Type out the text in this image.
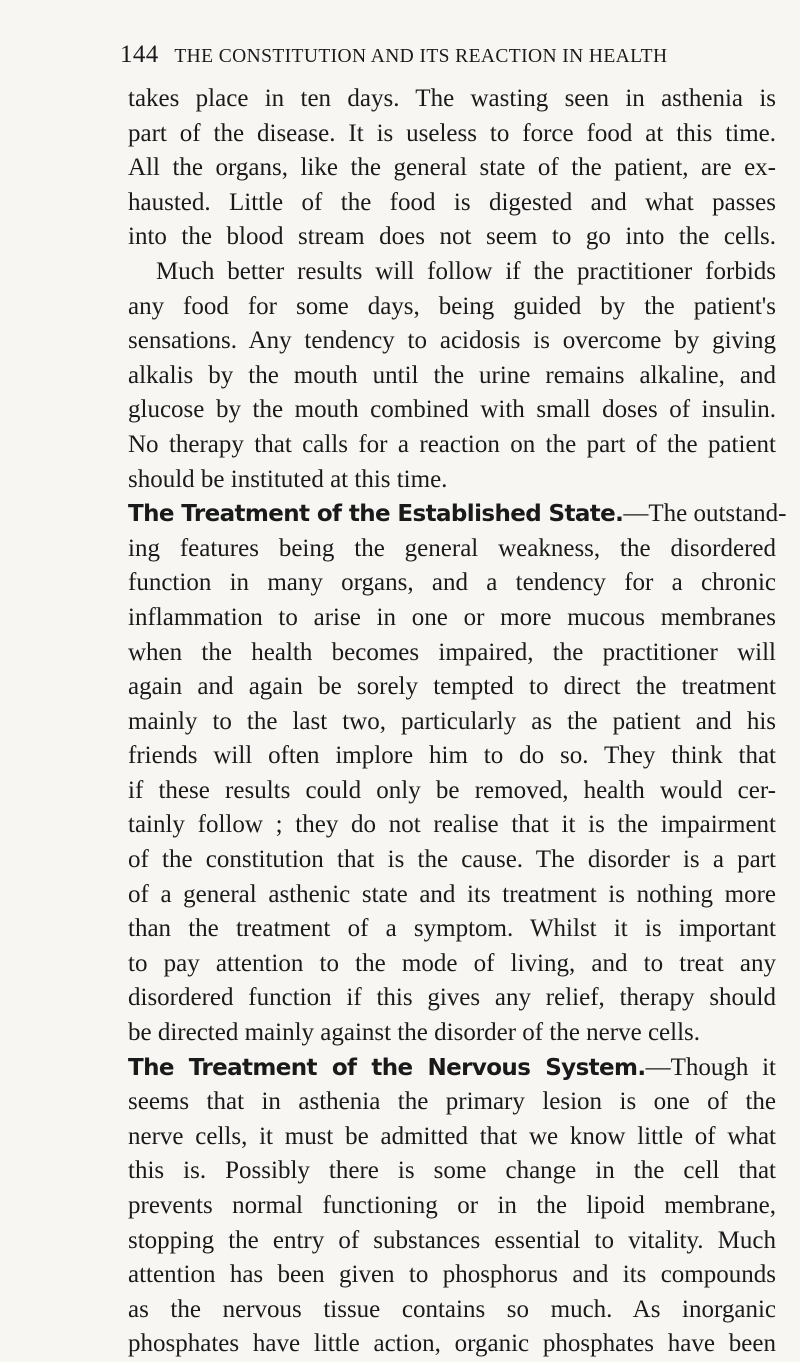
144 THE CONSTITUTION AND ITS REACTION IN HEALTH
takes place in ten days. The wasting seen in asthenia is
part of the disease. It is useless to force food at this time.
All the organs, like the general state of the patient, are ex-
hausted. Little of the food is digested and what passes
into the blood stream does not seem to go into the cells.
Much better results will follow if the practitioner forbids
any food for some days, being guided by the patient's
sensations. Any tendency to acidosis is overcome by giving
alkalis by the mouth until the urine remains alkaline, and
glucose by the mouth combined with small doses of insulin.
No therapy that calls for a reaction on the part of the patient
should be instituted at this time.
The Treatment of the Established State.—The outstand-
ing features being the general weakness, the disordered
function in many organs, and a tendency for a chronic
inflammation to arise in one or more mucous membranes
when the health becomes impaired, the practitioner will
again and again be sorely tempted to direct the treatment
mainly to the last two, particularly as the patient and his
friends will often implore him to do so. They think that
if these results could only be removed, health would cer-
tainly follow ; they do not realise that it is the impairment
of the constitution that is the cause. The disorder is a part
of a general asthenic state and its treatment is nothing more
than the treatment of a symptom. Whilst it is important
to pay attention to the mode of living, and to treat any
disordered function if this gives any relief, therapy should
be directed mainly against the disorder of the nerve cells.
The Treatment of the Nervous System.—Though it
seems that in asthenia the primary lesion is one of the
nerve cells, it must be admitted that we know little of what
this is. Possibly there is some change in the cell that
prevents normal functioning or in the lipoid membrane,
stopping the entry of substances essential to vitality. Much
attention has been given to phosphorus and its compounds
as the nervous tissue contains so much. As inorganic
phosphates have little action, organic phosphates have been
